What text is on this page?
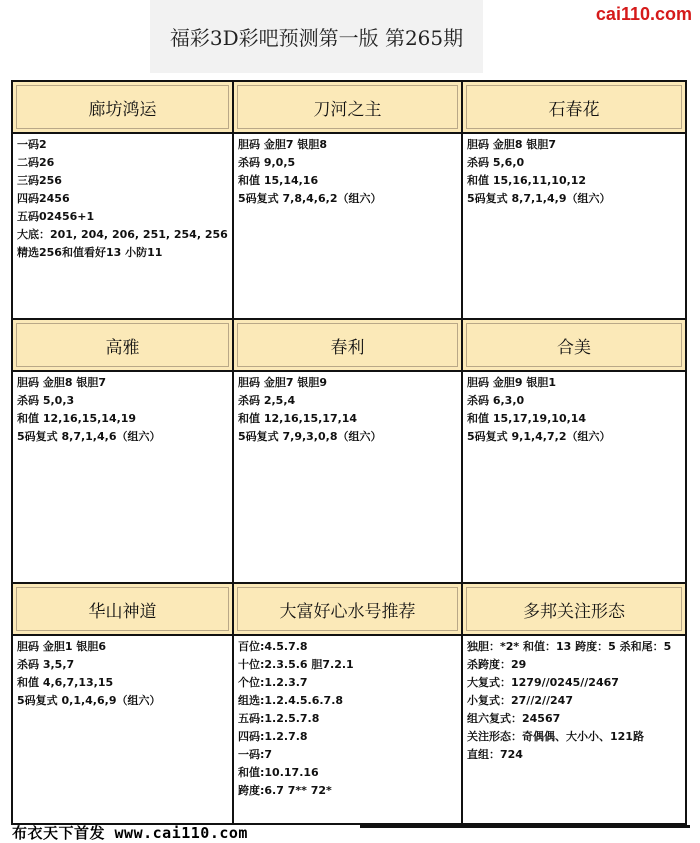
福彩3D彩吧预测第一版 第265期
cai110.com
廊坊鸿运	刀河之主	石春花
一码2
二码26
三码256
四码2456
五码02456+1
大底：201, 204, 206, 251, 254, 256
精选256和值看好13 小防11
胆码 金胆7 银胆8
杀码 9,0,5
和值 15,14,16
5码复式 7,8,4,6,2（组六）
胆码 金胆8 银胆7
杀码 5,6,0
和值 15,16,11,10,12
5码复式 8,7,1,4,9（组六）
高雅	春利	合美
胆码 金胆8 银胆7
杀码 5,0,3
和值 12,16,15,14,19
5码复式 8,7,1,4,6（组六）
胆码 金胆7 银胆9
杀码 2,5,4
和值 12,16,15,17,14
5码复式 7,9,3,0,8（组六）
胆码 金胆9 银胆1
杀码 6,3,0
和值 15,17,19,10,14
5码复式 9,1,4,7,2（组六）
华山神道	大富好心水号推荐	多邦关注形态
胆码 金胆1 银胆6
杀码 3,5,7
和值 4,6,7,13,15
5码复式 0,1,4,6,9（组六）
百位:4.5.7.8
十位:2.3.5.6 胆7.2.1
个位:1.2.3.7
组选:1.2.4.5.6.7.8
五码:1.2.5.7.8
四码:1.2.7.8
一码:7
和值:10.17.16
跨度:6.7 7** 72*
独胆：*2* 和值：13 跨度：5 杀和尾：5 杀跨度：29
大复式：1279//0245//2467
小复式：27//2//247
组六复式：24567
关注形态：奇偶偶、大小小、121路
直组：724
布衣天下首发 www.cai110.com
